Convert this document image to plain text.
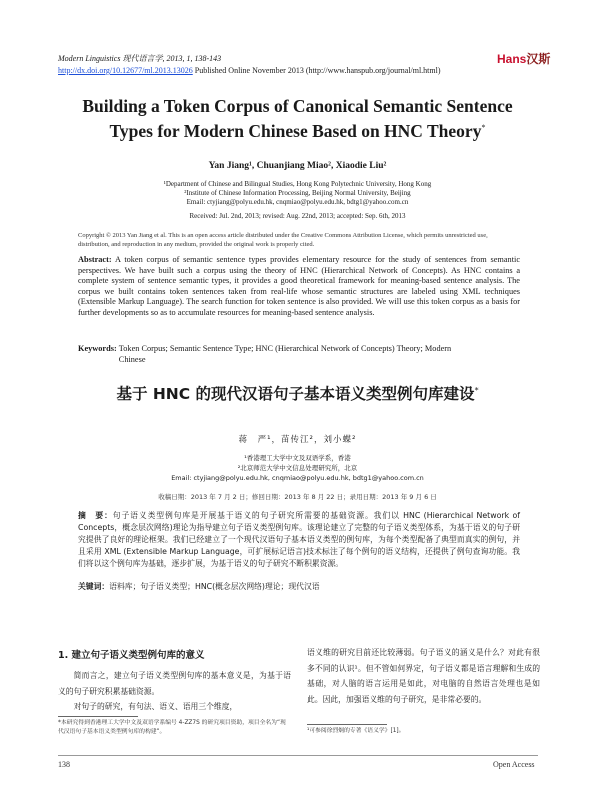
Modern Linguistics 现代语言学, 2013, 1, 138-143
http://dx.doi.org/10.12677/ml.2013.13026 Published Online November 2013 (http://www.hanspub.org/journal/ml.html)
Hans汉斯
Building a Token Corpus of Canonical Semantic Sentence
Types for Modern Chinese Based on HNC Theory*
Yan Jiang¹, Chuanjiang Miao², Xiaodie Liu²
¹Department of Chinese and Bilingual Studies, Hong Kong Polytechnic University, Hong Kong
²Institute of Chinese Information Processing, Beijing Normal University, Beijing
Email: ctyjiang@polyu.edu.hk, cnqmiao@polyu.edu.hk, bdtg1@yahoo.com.cn
Received: Jul. 2nd, 2013; revised: Aug. 22nd, 2013; accepted: Sep. 6th, 2013
Copyright © 2013 Yan Jiang et al. This is an open access article distributed under the Creative Commons Attribution License, which permits unrestricted use, distribution, and reproduction in any medium, provided the original work is properly cited.
Abstract: A token corpus of semantic sentence types provides elementary resource for the study of sentences from semantic perspectives. We have built such a corpus using the theory of HNC (Hierarchical Network of Concepts). As HNC contains a complete system of sentence semantic types, it provides a good theoretical framework for meaning-based sentence analysis. The corpus we built contains token sentences taken from real-life whose semantic structures are labeled using XML techniques (Extensible Markup Language). The search function for token sentence is also provided. We will use this token corpus as a basis for further developments so as to accumulate resources for meaning-based sentence analysis.
Keywords: Token Corpus; Semantic Sentence Type; HNC (Hierarchical Network of Concepts) Theory; Modern Chinese
基于 HNC 的现代汉语句子基本语义类型例句库建设*
蒋　严¹，苗传江²，刘小蝶²
¹香港理工大学中文及双语学系，香港
²北京师范大学中文信息处理研究所，北京
Email: ctyjiang@polyu.edu.hk, cnqmiao@polyu.edu.hk, bdtg1@yahoo.com.cn
收稿日期：2013 年 7 月 2 日；修回日期：2013 年 8 月 22 日；录用日期：2013 年 9 月 6 日
摘　要：句子语义类型例句库是开展基于语义的句子研究所需要的基础资源。我们以 HNC (Hierarchical Network of Concepts，概念层次网络)理论为指导建立句子语义类型例句库。该理论建立了完整的句子语义类型体系，为基于语义的句子研究提供了良好的理论框架。我们已经建立了一个现代汉语句子基本语义类型的例句库，为每个类型配备了典型而真实的例句，并且采用 XML (Extensible Markup Language，可扩展标记语言)技术标注了每个例句的语义结构，还提供了例句查询功能。我们将以这个例句库为基础，逐步扩展，为基于语义的句子研究不断积累资源。
关键词：语料库；句子语义类型；HNC(概念层次网络)理论；现代汉语
1. 建立句子语义类型例句库的意义
简而言之，建立句子语义类型例句库的基本意义是，为基于语义的句子研究积累基础资源。
对句子的研究，有句法、语义、语用三个维度，
语义维的研究目前还比较薄弱。句子语义的涵义是什么？对此有很多不同的认识¹。但不管如何界定，句子语义都是语言理解和生成的基础，对人脑的语言运用是如此，对电脑的自然语言处理也是如此。因此，加强语义维的句子研究，是非常必要的。
*本研究得到香港理工大学中文及双语学系编号 4-ZZ7S 的研究项目资助，项目全名为“现代汉语句子基本语义类型例句库的构建”。	¹可参阅徐烈炯的专著《语义学》[1]。
138	Open Access
